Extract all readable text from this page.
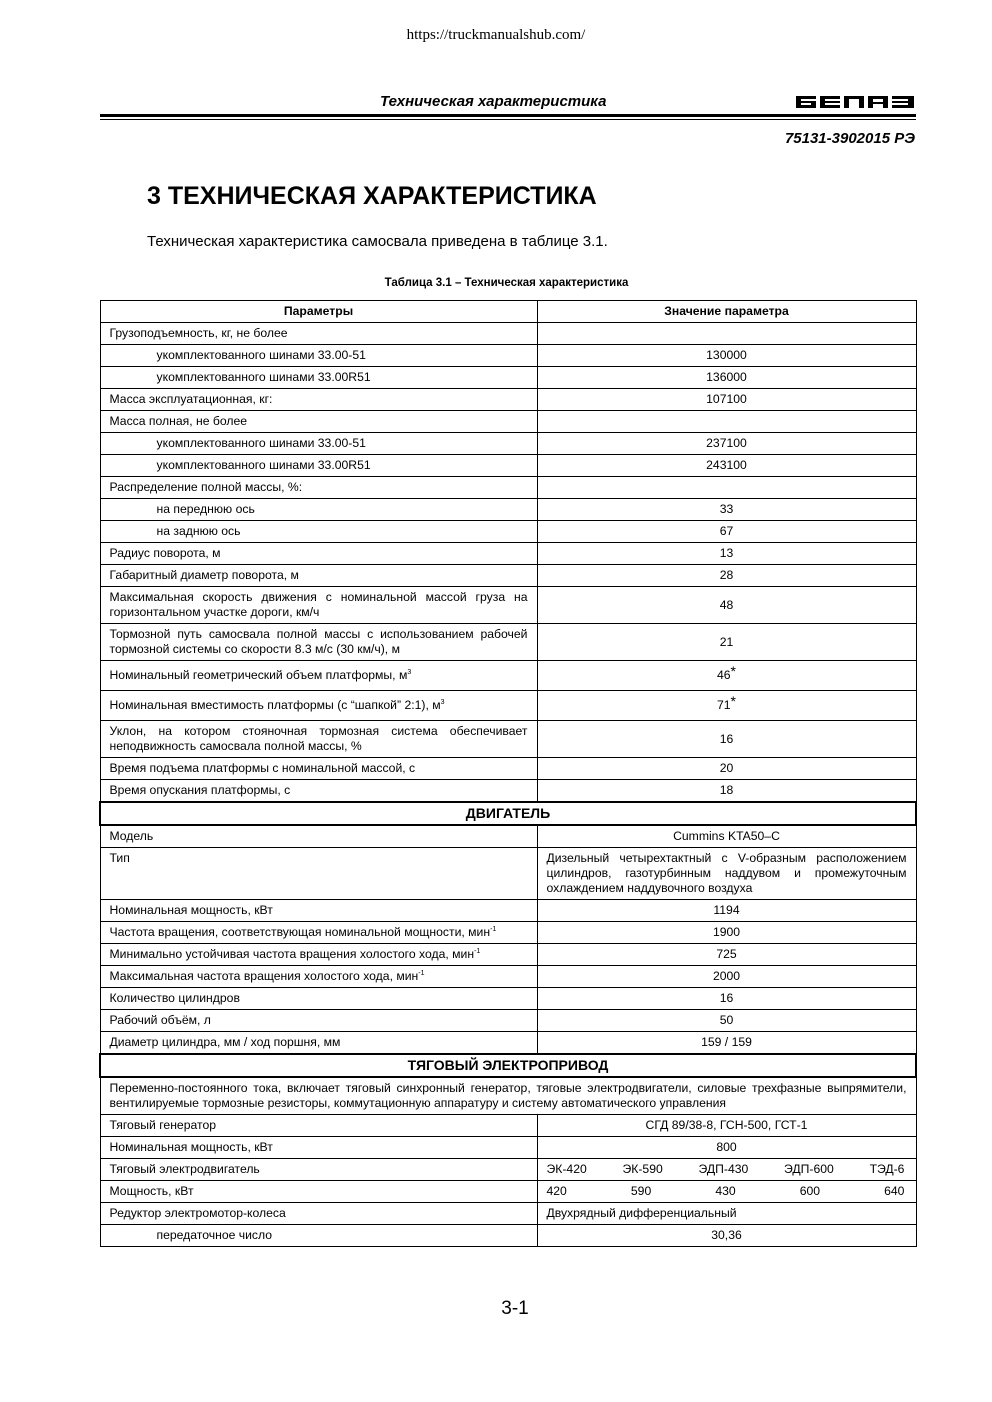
https://truckmanualshub.com/
Техническая характеристика
75131-3902015 РЭ
3 ТЕХНИЧЕСКАЯ ХАРАКТЕРИСТИКА
Техническая характеристика самосвала приведена в таблице 3.1.
Таблица 3.1 – Техническая характеристика
Параметры	Значение параметра
Грузоподъемность, кг, не более	
укомплектованного шинами 33.00-51	130000
укомплектованного шинами 33.00R51	136000
Масса эксплуатационная, кг:	107100
Масса полная, не более	
укомплектованного шинами 33.00-51	237100
укомплектованного шинами 33.00R51	243100
Распределение полной массы, %:	
на переднюю ось	33
на заднюю ось	67
Радиус поворота, м	13
Габаритный диаметр поворота, м	28
Максимальная скорость движения с номинальной массой груза на горизонтальном участке дороги, км/ч	48
Тормозной путь самосвала полной массы с использованием рабочей тормозной системы со скорости 8.3 м/с (30 км/ч), м	21
Номинальный геометрический объем платформы, $м^3$	46*
Номинальная вместимость платформы (с “шапкой” 2:1), $м^3$	71*
Уклон, на котором стояночная тормозная система обеспечивает неподвижность самосвала полной массы, %	16
Время подъема платформы с номинальной массой, с	20
Время опускания платформы, с	18
ДВИГАТЕЛЬ	
Модель	Cummins KTA50–C
Тип	Дизельный четырехтактный с V-образным расположением цилиндров, газотурбинным наддувом и промежуточным охлаждением наддувочного воздуха
Номинальная мощность, кВт	1194
Частота вращения, соответствующая номинальной мощности, мин$^{-1}$	1900
Минимально устойчивая частота вращения холостого хода, мин$^{-1}$	725
Максимальная частота вращения холостого хода, мин$^{-1}$	2000
Количество цилиндров	16
Рабочий объём, л	50
Диаметр цилиндра, мм / ход поршня, мм	159 / 159
ТЯГОВЫЙ ЭЛЕКТРОПРИВОД	
Переменно-постоянного тока, включает тяговый синхронный генератор, тяговые электродвигатели, силовые трехфазные выпрямители, вентилируемые тормозные резисторы, коммутационную аппаратуру и систему автоматического управления	
Тяговый генератор	СГД 89/38-8, ГСН-500, ГСТ-1
Номинальная мощность, кВт	800
Тяговый электродвигатель	ЭК-420 ЭК-590 ЭДП-430 ЭДП-600 ТЭД-6

Мощность, кВт	420 590 430 600 640

Редуктор электромотор-колеса	Двухрядный дифференциальный
передаточное число	30,36
3-1
